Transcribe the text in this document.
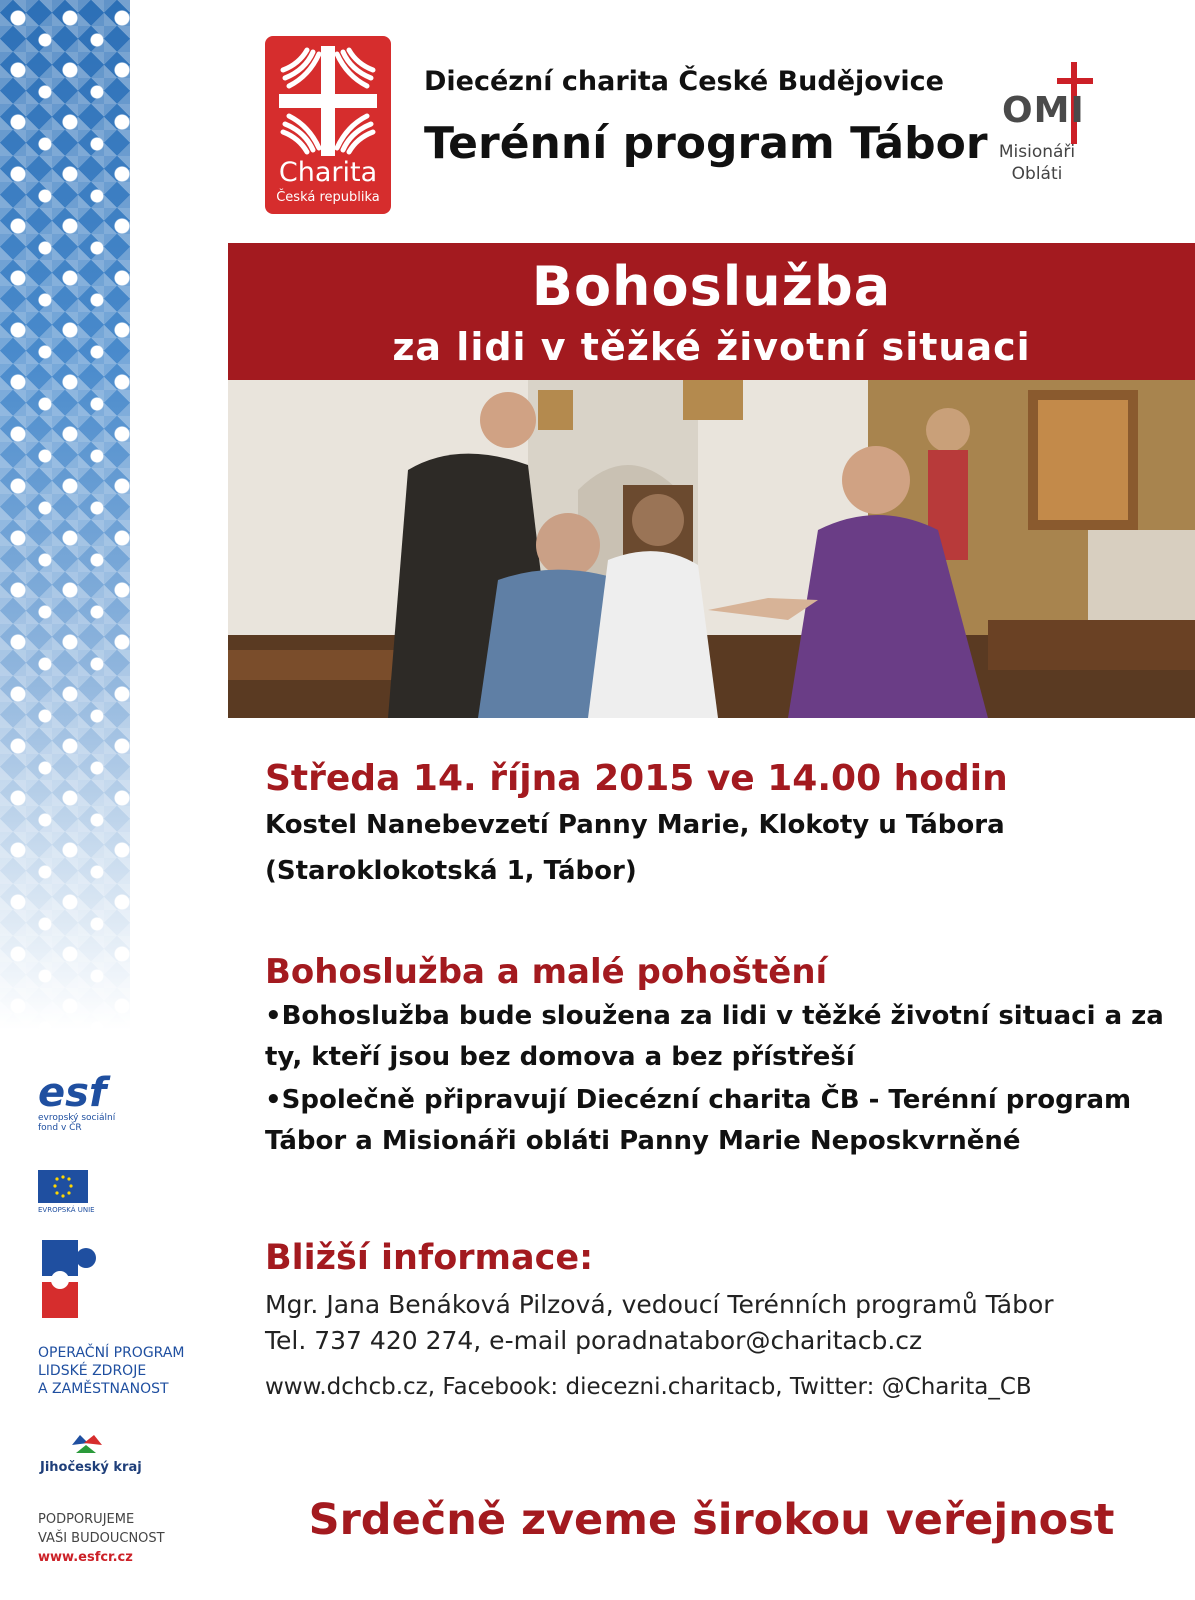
Charita
Česká republika
Diecézní charita České Budějovice
Terénní program Tábor
OMI
Misionáři
Obláti
Bohoslužba
za lidi v těžké životní situaci
Středa 14. října 2015 ve 14.00 hodin
Kostel Nanebevzetí Panny Marie, Klokoty u Tábora
(Staroklokotská 1, Tábor)
Bohoslužba a malé pohoštění
•Bohoslužba bude sloužena za lidi v těžké životní situaci a za ty, kteří jsou bez domova a bez přístřeší
•Společně připravují Diecézní charita ČB - Terénní program Tábor a Misionáři obláti Panny Marie Neposkvrněné
Bližší informace:
Mgr. Jana Benáková Pilzová, vedoucí Terénních programů Tábor
Tel. 737 420 274, e-mail poradnatabor@charitacb.cz
www.dchcb.cz, Facebook: diecezni.charitacb, Twitter: @Charita_CB
Srdečně zveme širokou veřejnost
esf
evropský sociální fond v ČR
EVROPSKÁ UNIE
OPERAČNÍ PROGRAM
LIDSKÉ ZDROJE
A ZAMĚSTNANOST
Jihočeský kraj
PODPORUJEME
VAŠI BUDOUCNOST
www.esfcr.cz
